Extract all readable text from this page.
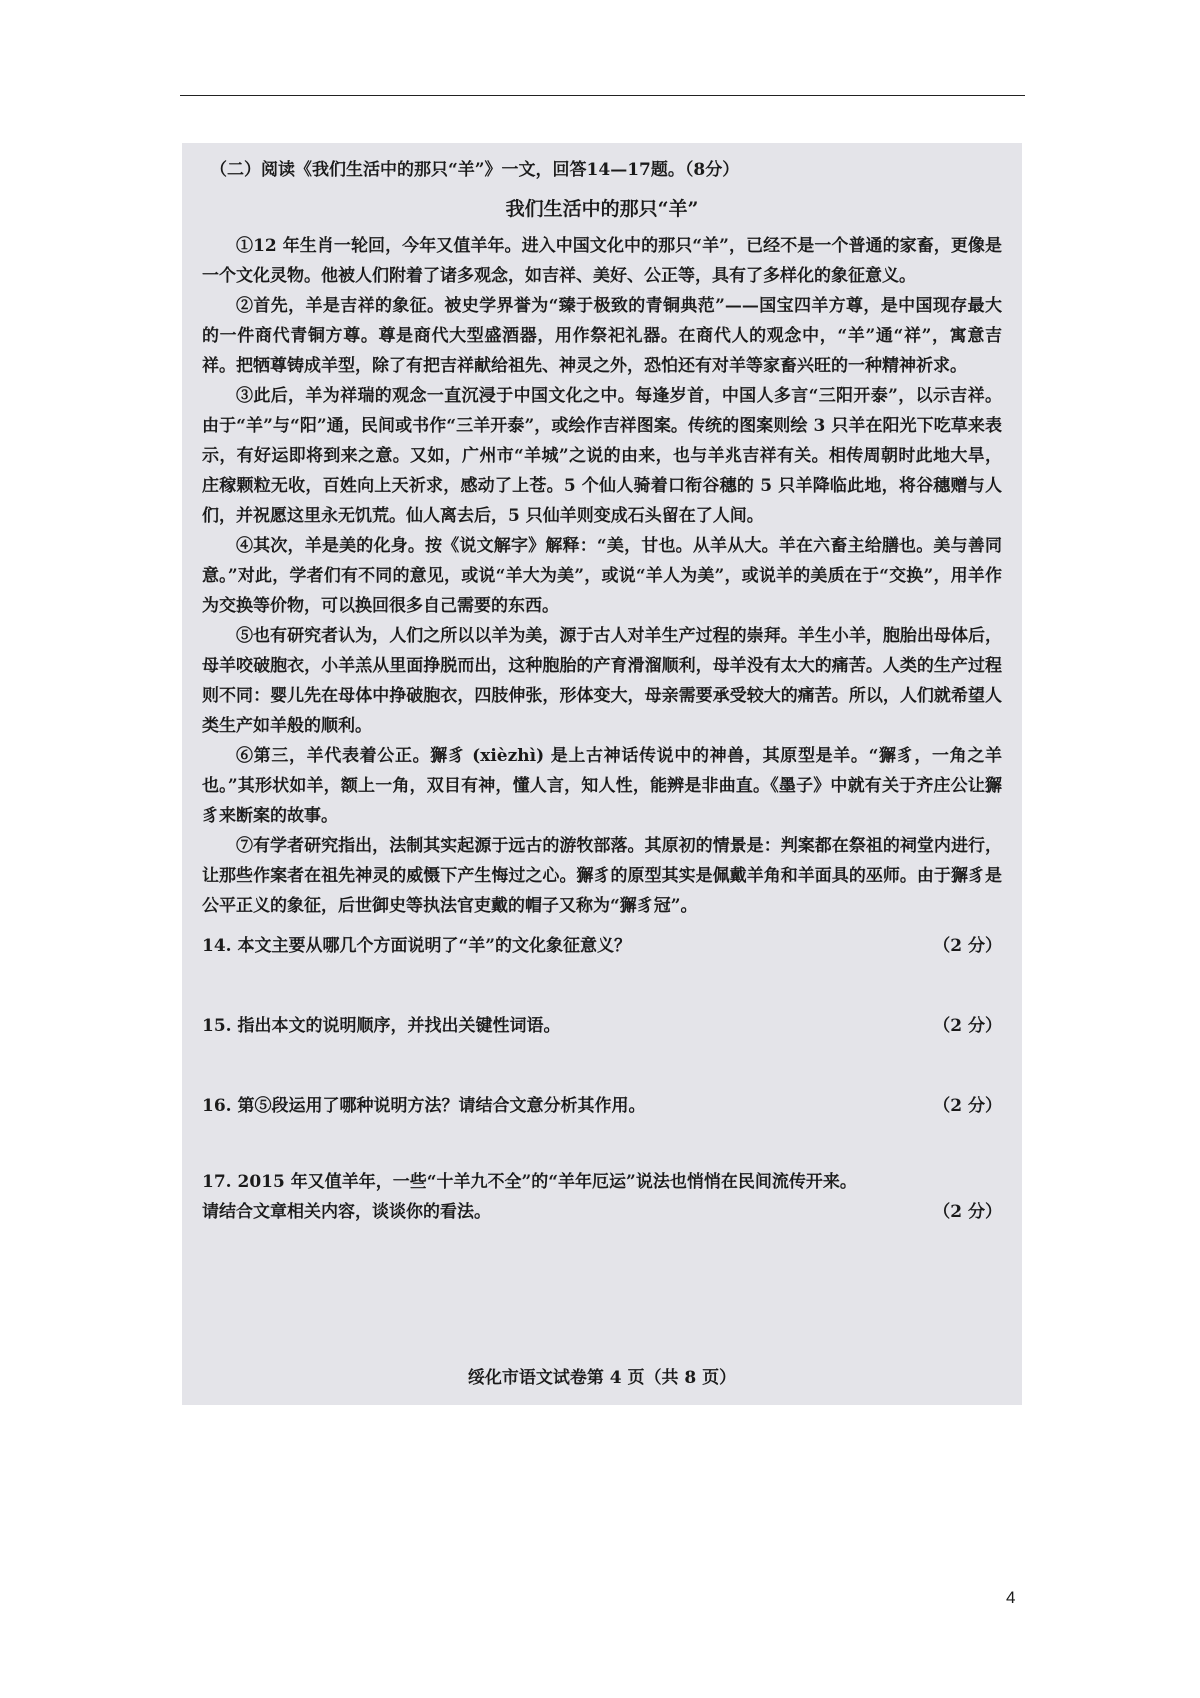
（二）阅读《我们生活中的那只“羊”》一文，回答14—17题。（8分）
我们生活中的那只“羊”

①12 年生肖一轮回，今年又值羊年。进入中国文化中的那只“羊”，已经不是一个普通的家畜，更像是一个文化灵物。他被人们附着了诸多观念，如吉祥、美好、公正等，具有了多样化的象征意义。

②首先，羊是吉祥的象征。被史学界誉为“臻于极致的青铜典范”——国宝四羊方尊，是中国现存最大的一件商代青铜方尊。尊是商代大型盛酒器，用作祭祀礼器。在商代人的观念中，“羊”通“祥”，寓意吉祥。把牺尊铸成羊型，除了有把吉祥献给祖先、神灵之外，恐怕还有对羊等家畜兴旺的一种精神祈求。

③此后，羊为祥瑞的观念一直沉浸于中国文化之中。每逢岁首，中国人多言“三阳开泰”，以示吉祥。由于“羊”与“阳”通，民间或书作“三羊开泰”，或绘作吉祥图案。传统的图案则绘 3 只羊在阳光下吃草来表示，有好运即将到来之意。又如，广州市“羊城”之说的由来，也与羊兆吉祥有关。相传周朝时此地大旱，庄稼颗粒无收，百姓向上天祈求，感动了上苍。5 个仙人骑着口衔谷穗的 5 只羊降临此地，将谷穗赠与人们，并祝愿这里永无饥荒。仙人离去后，5 只仙羊则变成石头留在了人间。

④其次，羊是美的化身。按《说文解字》解释：“美，甘也。从羊从大。羊在六畜主给膳也。美与善同意。”对此，学者们有不同的意见，或说“羊大为美”，或说“羊人为美”，或说羊的美质在于“交换”，用羊作为交换等价物，可以换回很多自己需要的东西。

⑤也有研究者认为，人们之所以以羊为美，源于古人对羊生产过程的崇拜。羊生小羊，胞胎出母体后，母羊咬破胞衣，小羊羔从里面挣脱而出，这种胞胎的产育滑溜顺利，母羊没有太大的痛苦。人类的生产过程则不同：婴儿先在母体中挣破胞衣，四肢伸张，形体变大，母亲需要承受较大的痛苦。所以，人们就希望人类生产如羊般的顺利。

⑥第三，羊代表着公正。獬豸 (xièzhì) 是上古神话传说中的神兽，其原型是羊。“獬豸，一角之羊也。”其形状如羊，额上一角，双目有神，懂人言，知人性，能辨是非曲直。《墨子》中就有关于齐庄公让獬豸来断案的故事。

⑦有学者研究指出，法制其实起源于远古的游牧部落。其原初的情景是：判案都在祭祖的祠堂内进行，让那些作案者在祖先神灵的威慑下产生悔过之心。獬豸的原型其实是佩戴羊角和羊面具的巫师。由于獬豸是公平正义的象征，后世御史等执法官吏戴的帽子又称为“獬豸冠”。

14. 本文主要从哪几个方面说明了“羊”的文化象征意义？	（2 分）
15. 指出本文的说明顺序，并找出关键性词语。	（2 分）
16. 第⑤段运用了哪种说明方法？请结合文意分析其作用。	（2 分）
17. 2015 年又值羊年，一些“十羊九不全”的“羊年厄运”说法也悄悄在民间流传开来。
请结合文章相关内容，谈谈你的看法。	（2 分）
绥化市语文试卷第 4 页（共 8 页）
4
